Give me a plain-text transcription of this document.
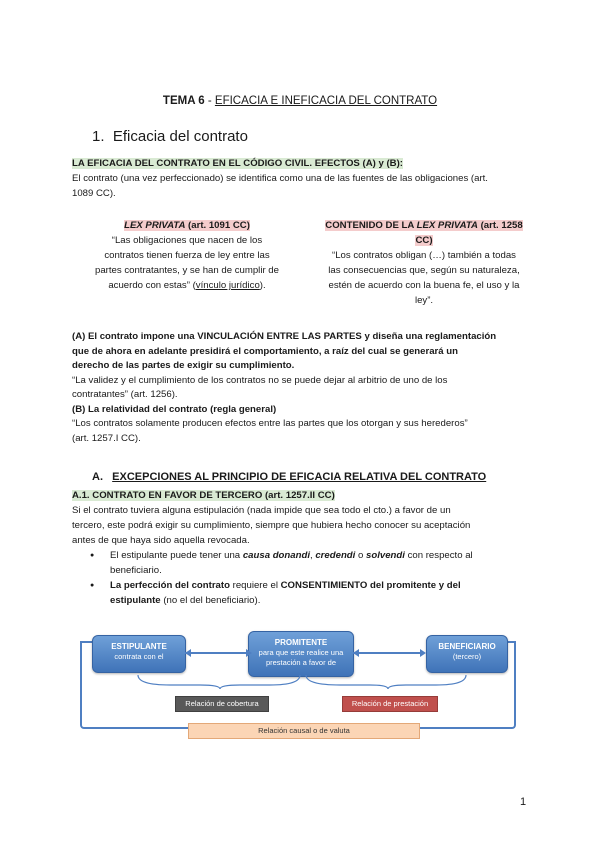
TEMA 6 - EFICACIA E INEFICACIA DEL CONTRATO
1. Eficacia del contrato
LA EFICACIA DEL CONTRATO EN EL CÓDIGO CIVIL. EFECTOS (A) y (B):
El contrato (una vez perfeccionado) se identifica como una de las fuentes de las obligaciones (art.
1089 CC).
LEX PRIVATA (art. 1091 CC)
“Las obligaciones que nacen de los
contratos tienen fuerza de ley entre las
partes contratantes, y se han de cumplir de
acuerdo con estas” (vínculo jurídico).
CONTENIDO DE LA LEX PRIVATA (art. 1258
CC)
“Los contratos obligan (…) también a todas
las consecuencias que, según su naturaleza,
estén de acuerdo con la buena fe, el uso y la
ley”.
(A) El contrato impone una VINCULACIÓN ENTRE LAS PARTES y diseña una reglamentación
que de ahora en adelante presidirá el comportamiento, a raíz del cual se generará un
derecho de las partes de exigir su cumplimiento.
“La validez y el cumplimiento de los contratos no se puede dejar al arbitrio de uno de los
contratantes” (art. 1256).
(B) La relatividad del contrato (regla general)
“Los contratos solamente producen efectos entre las partes que los otorgan y sus herederos”
(art. 1257.I CC).
A. EXCEPCIONES AL PRINCIPIO DE EFICACIA RELATIVA DEL CONTRATO
A.1. CONTRATO EN FAVOR DE TERCERO (art. 1257.II CC)
Si el contrato tuviera alguna estipulación (nada impide que sea todo el cto.) a favor de un
tercero, este podrá exigir su cumplimiento, siempre que hubiera hecho conocer su aceptación
antes de que haya sido aquella revocada.
● El estipulante puede tener una causa donandi, credendi o solvendi con respecto al
beneficiario.
● La perfección del contrato requiere el CONSENTIMIENTO del promitente y del
estipulante (no el del beneficiario).
ESTIPULANTE
contrata con el
PROMITENTE
para que este realice una
prestación a favor de
BENEFICIARIO
(tercero)
Relación de cobertura	Relación de prestación
Relación causal o de valuta
1
